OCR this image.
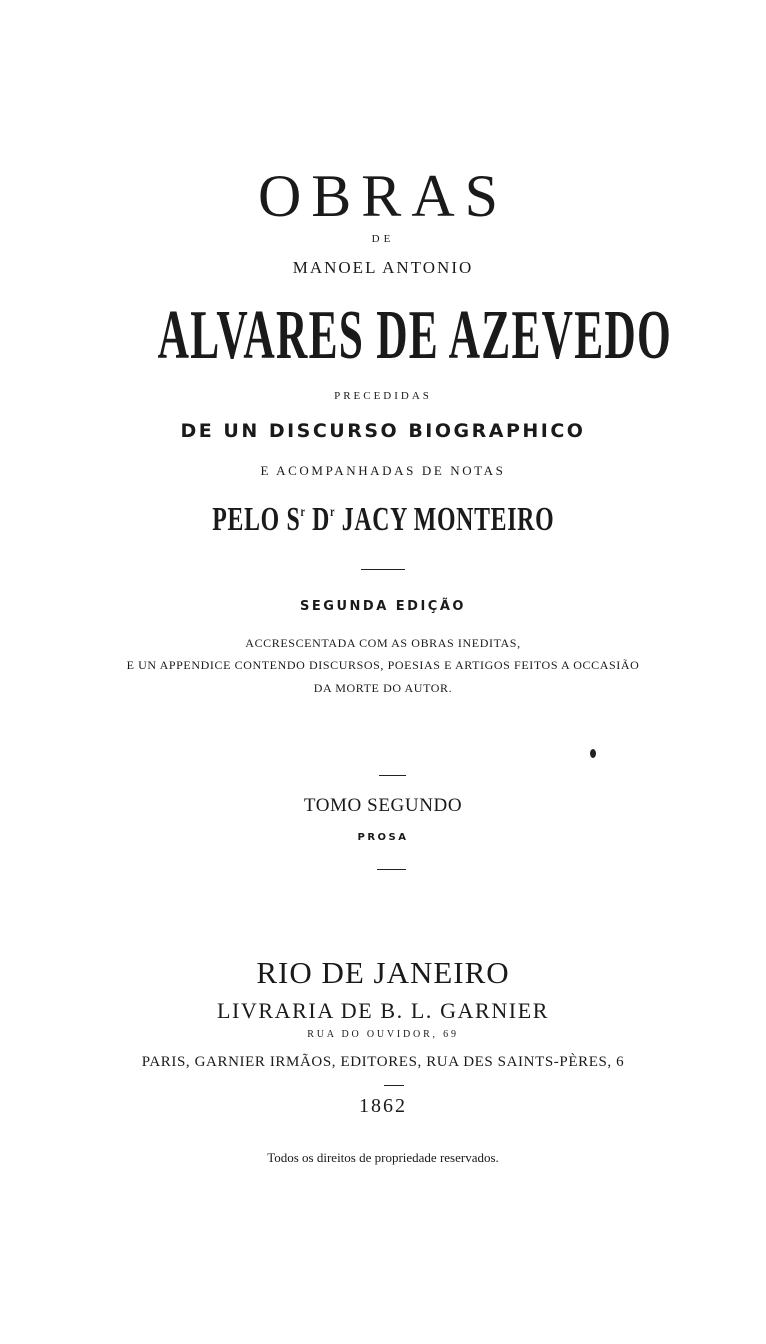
OBRAS
DE
MANOEL ANTONIO
ALVARES DE AZEVEDO
PRECEDIDAS
DE UN DISCURSO BIOGRAPHICO
E ACOMPANHADAS DE NOTAS
PELO $S^r$ $D^r$ JACY MONTEIRO
SEGUNDA EDIÇÃO
ACCRESCENTADA COM AS OBRAS INEDITAS,
E UN APPENDICE CONTENDO DISCURSOS, POESIAS E ARTIGOS FEITOS A OCCASIÃO
DA MORTE DO AUTOR.
TOMO SEGUNDO
PROSA
RIO DE JANEIRO
LIVRARIA DE B. L. GARNIER
RUA DO OUVIDOR, 69
PARIS, GARNIER IRMÃOS, EDITORES, RUA DES SAINTS-PÈRES, 6
1862
Todos os direitos de propriedade reservados.
